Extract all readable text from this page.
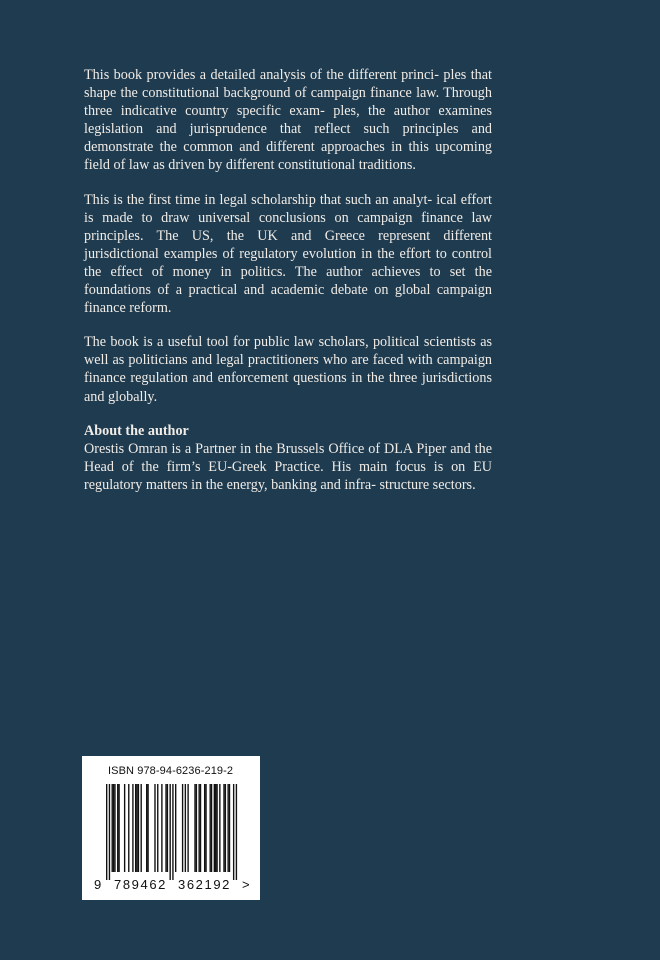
This book provides a detailed analysis of the different princi- ples that shape the constitutional background of campaign finance law. Through three indicative country specific exam- ples, the author examines legislation and jurisprudence that reflect such principles and demonstrate the common and different approaches in this upcoming field of law as driven by different constitutional traditions.

This is the first time in legal scholarship that such an analyt- ical effort is made to draw universal conclusions on campaign finance law principles. The US, the UK and Greece represent different jurisdictional examples of regulatory evolution in the effort to control the effect of money in politics. The author achieves to set the foundations of a practical and academic debate on global campaign finance reform.

The book is a useful tool for public law scholars, political scientists as well as politicians and legal practitioners who are faced with campaign finance regulation and enforcement questions in the three jurisdictions and globally.

About the author

Orestis Omran is a Partner in the Brussels Office of DLA Piper and the Head of the firm’s EU-Greek Practice. His main focus is on EU regulatory matters in the energy, banking and infra- structure sectors.

ISBN 978-94-6236-219-2
9 789462 362192 >
